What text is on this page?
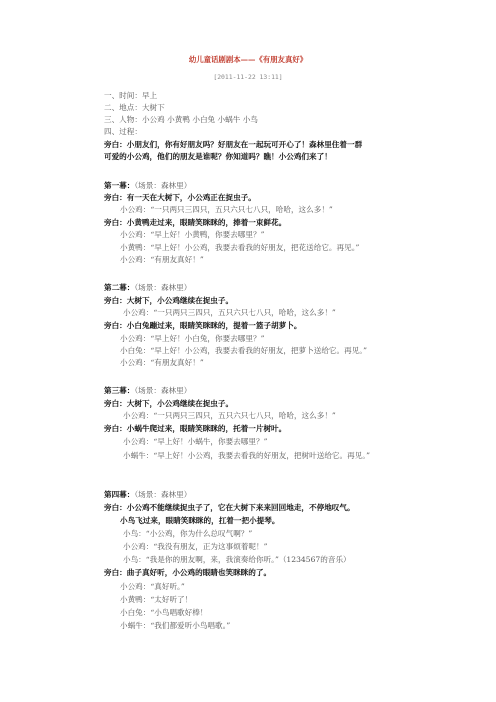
幼儿童话剧剧本——《有朋友真好》
[2011-11-22 13:11]
一、时间：早上
二、地点：大树下
三、人物：小公鸡 小黄鸭 小白兔 小蜗牛 小鸟
四、过程：
旁白：小朋友们，你有好朋友吗？好朋友在一起玩可开心了！森林里住着一群
可爱的小公鸡，他们的朋友是谁呢？你知道吗？瞧！小公鸡们来了！
第一幕：（场景：森林里）
旁白：有一天在大树下，小公鸡正在捉虫子。
小公鸡：“一只两只三四只，五只六只七八只，哈哈，这么多！”
旁白：小黄鸭走过来，眼睛笑眯眯的，捧着一束鲜花。
小公鸡：“早上好！小黄鸭，你要去哪里？”
小黄鸭：“早上好！小公鸡，我要去看我的好朋友，把花送给它。再见。”
小公鸡：“有朋友真好！”
第二幕：（场景：森林里）
旁白：大树下，小公鸡继续在捉虫子。
小公鸡：“一只两只三四只，五只六只七八只，哈哈，这么多！”
旁白：小白兔蹦过来，眼睛笑眯眯的，提着一篮子胡萝卜。
小公鸡：“早上好！小白兔，你要去哪里？”
小白兔：“早上好！小公鸡，我要去看我的好朋友，把萝卜送给它。再见。”
小公鸡：“有朋友真好！”
第三幕：（场景：森林里）
旁白：大树下，小公鸡继续在捉虫子。
小公鸡：“一只两只三四只，五只六只七八只，哈哈，这么多！”
旁白：小蜗牛爬过来，眼睛笑眯眯的，托着一片树叶。
小公鸡：“早上好！小蜗牛，你要去哪里？”
小蜗牛：“早上好！小公鸡，我要去看我的好朋友，把树叶送给它。再见。”
第四幕：（场景：森林里）
旁白：小公鸡不能继续捉虫子了，它在大树下来来回回地走，不停地叹气。
小鸟飞过来，眼睛笑眯眯的，扛着一把小提琴。
小鸟：“小公鸡，你为什么总叹气啊？”
小公鸡：“我没有朋友，正为这事烦着呢！”
小鸟：“我是你的朋友啊，来，我演奏给你听。”（1234567的音乐）
旁白：曲子真好听，小公鸡的眼睛也笑眯眯的了。
小公鸡：“真好听。”
小黄鸭：“太好听了！
小白兔：“小鸟唱歌好棒！
小蜗牛：“我们都爱听小鸟唱歌。”
